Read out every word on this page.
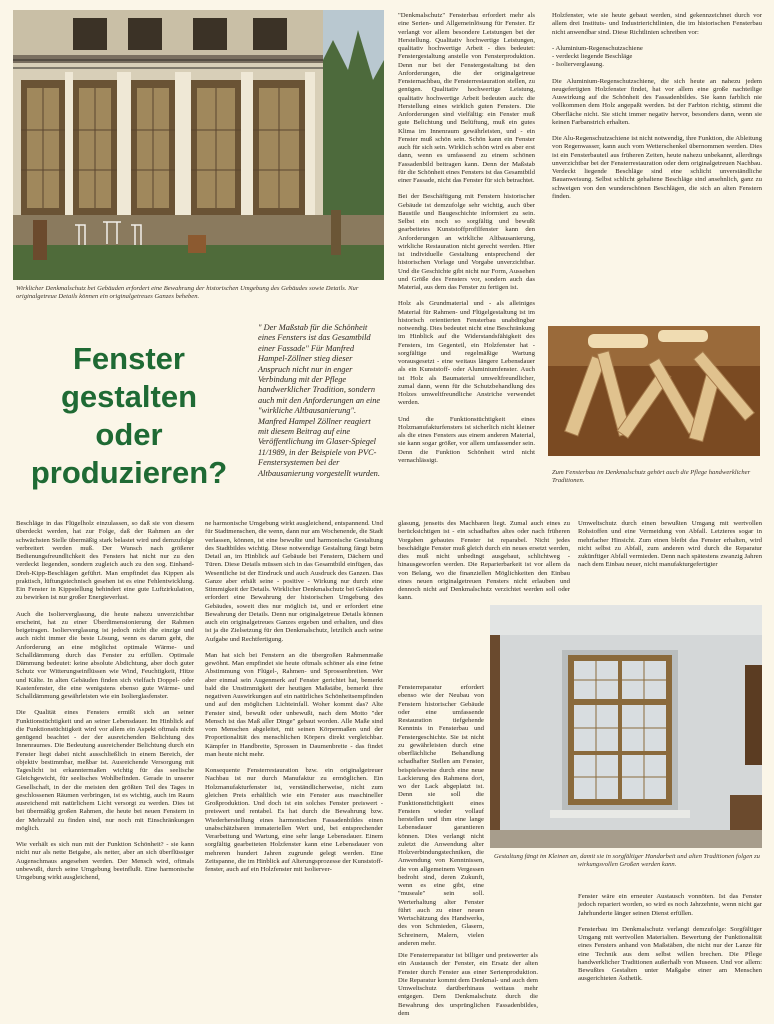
Wirklicher Denkmalschutz bei Gebäuden erfordert eine Bewahrung der historischen Umgebung des Gebäudes sowie Details. Nur originalgetreue Details können ein originalgetreues Ganzes beheben.
Fenster
gestalten
oder
produzieren?
" Der Maßstab für die Schönheit eines Fensters ist das Gesamtbild einer Fassade" Für Manfred Hampel-Zöllner stieg dieser Anspruch nicht nur in enger Verbindung mit der Pflege handwerklicher Tradition, sondern auch mit den Anforderungen an eine "wirkliche Altbausanierung". Manfred Hampel Zöllner reagiert mit diesem Beitrag auf eine Veröffentlichung im Glaser-Spiegel 11/1989, in der Beispiele von PVC-Fenstersystemen bei der Altbausanierung vorgestellt wurden.

"Denkmalschutz" Fensterbau erfordert mehr als eine Serien- und Allgemeinlösung für Fenster. Er verlangt vor allem besondere Leistungen bei der Herstellung. Qualitativ hochwertige Leistungen, qualitativ hochwertige Arbeit - dies bedeutet: Fenstergestaltung anstelle von Fensterproduktion. Denn nur bei der Fenstergestaltung ist den Anforderungen, die der originalgetreue Fensternachbau, die Fensterrestauration stellen, zu genügen. Qualitativ hochwertige Leistung, qualitativ hochwertige Arbeit bedeuten auch: die Herstellung eines wirklich guten Fensters. Die Anforderungen sind vielfältig: ein Fenster muß gute Belichtung und Belüftung, muß ein gutes Klima im Innenraum gewährleisten, und - ein Fenster muß schön sein. Schön kann ein Fenster auch für sich sein. Wirklich schön wird es aber erst dann, wenn es umfassend zu einem schönen Fassadenbild beitragen kann. Denn der Maßstab für die Schönheit eines Fensters ist das Gesamtbild einer Fassade, nicht das Fenster für sich betrachtet.

Bei der Beschäftigung mit Fenstern historischer Gebäude ist demzufolge sehr wichtig, auch über Baustile und Baugeschichte informiert zu sein. Selbst ein noch so sorgfältig und bewußt gearbeitetes Kunststoffprofilfenster kann den Anforderungen an wirkliche Altbausanierung, wirkliche Restauration nicht gerecht werden. Hier ist individuelle Gestaltung entsprechend der historischen Vorlage und Vorgabe unverzichtbar. Und die Geschichte gibt nicht nur Form, Aussehen und Größe des Fensters vor, sondern auch das Material, aus dem das Fenster zu fertigen ist.

Holz als Grundmaterial und - als alleiniges Material für Rahmen- und Flügelgestaltung ist im historisch orientierten Fensterbau unabdingbar notwendig. Dies bedeutet nicht eine Beschränkung im Hinblick auf die Widerstandsfähigkeit des Fensters, im Gegenteil, ein Holzfenster hat - sorgfältige und regelmäßige Wartung vorausgesetzt - eine weitaus längere Lebensdauer als ein Kunststoff- oder Aluminiumfenster. Auch ist Holz als Baumaterial umweltfreundlicher, zumal dann, wenn für die Schutzbehandlung des Holzes umweltfreundliche Anstriche verwendet werden.

Und die Funktionstüchtigkeit eines Holzmanufakturfensters ist sicherlich nicht kleiner als die eines Fensters aus einem anderen Material, sie kann sogar größer, vor allem umfassender sein. Denn die Funktion Schönheit wird nicht vernachlässigt.

Holzfenster, wie sie heute gebaut werden, sind gekennzeichnet durch vor allem drei Instituts- und Industrierichtlinien, die im historischen Fensterbau nicht anwendbar sind. Diese Richtlinien schreiben vor:

- Aluminium-Regenschutzschiene
- verdeckt liegende Beschläge
- Isolierverglasung.

Die Aluminium-Regenschutzschiene, die sich heute an nahezu jedem neugefertigten Holzfenster findet, hat vor allem eine große nachteilige Auswirkung auf die Schönheit des Fassadenbildes. Sie kann farblich nie vollkommen dem Holz angepaßt werden. Ist der Farbton richtig, stimmt die Oberfläche nicht. Sie sticht immer negativ hervor, besonders dann, wenn sie keinen Farbanstrich erhalten.

Die Alu-Regenschutzschiene ist nicht notwendig, ihre Funktion, die Ableitung von Regenwasser, kann auch vom Wetterschenkel übernommen werden. Dies ist ein Fensterbauteil aus früheren Zeiten, heute nahezu unbekannt, allerdings unverzichtbar bei der Fensterrestauration oder dem originalgetreuen Nachbau. Verdeckt liegende Beschläge sind eine schlicht unverständliche Bauanweisung. Selbst schlicht gehaltene Beschläge sind ansehnlich, ganz zu schweigen von den wunderschönen Beschlägen, die sich an alten Fenstern finden.

Zum Fensterbau im Denkmalschutz gehört auch die Pflege handwerklicher Traditionen.

Beschläge in das Flügelholz einzulassen, so daß sie von diesem überdeckt werden, hat zur Folge, daß der Rahmen an der schwächsten Stelle übermäßig stark belastet wird und demzufolge verbreitert werden muß. Der Wunsch nach größerer Bedienungsfreundlichkeit des Fensters hat nicht nur zu den verdeckt liegenden, sondern zugleich auch zu den sog. Einhand-Dreh-Kipp-Beschlägen geführt. Man empfindet das Kippen als praktisch, lüftungstechnisch gesehen ist es eine Fehlentwicklung. Ein Fenster in Kippstellung behindert eine gute Luftzirkulation, zu bewirken ist nur großer Energieverlust.

Auch die Isolierverglasung, die heute nahezu unverzichtbar erscheint, hat zu einer Überdimensionierung der Rahmen beigetragen. Isolierverglasung ist jedoch nicht die einzige und auch nicht immer die beste Lösung, wenn es darum geht, die Anforderung an eine möglichst optimale Wärme- und Schalldämmung durch das Fenster zu erfüllen. Optimale Dämmung bedeutet: keine absolute Abdichtung, aber doch guter Schutz vor Witterungseinflüssen wie Wind, Feuchtigkeit, Hitze und Kälte. In alten Gebäuden finden sich vielfach Doppel- oder Kastenfenster, die eine wenigstens ebenso gute Wärme- und Schalldämmung gewährleisten wie ein Isolierglasfenster.

Die Qualität eines Fensters ermißt sich an seiner Funktionstüchtigkeit und an seiner Lebensdauer. Im Hinblick auf die Funktionstüchtigkeit wird vor allem ein Aspekt oftmals nicht genügend beachtet - der der ausreichenden Belichtung des Innenraumes. Die Bedeutung ausreichender Belichtung durch ein Fenster liegt dabei nicht ausschließlich in einem Bereich, der objektiv bestimmbar, meßbar ist. Ausreichende Versorgung mit Tageslicht ist erkanntermaßen wichtig für das seelische Gleichgewicht, für seelisches Wohlbefinden. Gerade in unserer Gesellschaft, in der die meisten den größten Teil des Tages in geschlossenen Räumen verbringen, ist es wichtig, auch im Raum ausreichend mit natürlichem Licht versorgt zu werden. Dies ist bei übermäßig großen Rahmen, die heute bei neuen Fenstern in der Mehrzahl zu finden sind, nur noch mit Einschränkungen möglich.

Wie verhält es sich nun mit der Funktion Schönheit? - sie kann nicht nur als nette Beigabe, als netter, aber an sich überflüssiger Augenschmaus angesehen werden. Der Mensch wird, oftmals unbewußt, durch seine Umgebung beeinflußt. Eine harmonische Umgebung wirkt ausgleichend,

ne harmonische Umgebung wirkt ausgleichend, entspannend. Und für Stadtmenschen, die wenn, dann nur am Wochenende, die Stadt verlassen, können, ist eine bewußte und harmonische Gestaltung des Stadtbildes wichtig. Diese notwendige Gestaltung fängt beim Detail an, im Hinblick auf Gebäude bei Fenstern, Dächern und Türen. Diese Details müssen sich in das Gesamtbild einfügen, das Wesentliche ist der Eindruck und auch Ausdruck des Ganzen. Das Ganze aber erhält seine - positive - Wirkung nur durch eine Stimmigkeit der Details. Wirklicher Denkmalschutz bei Gebäuden erfordert eine Bewahrung der historischen Umgebung des Gebäudes, soweit dies nur möglich ist, und er erfordert eine Bewahrung der Details. Denn nur originalgetreue Details können auch ein originalgetreues Ganzes ergeben und erhalten, und dies ist ja die Zielsetzung für den Denkmalschutz, letztlich auch seine Aufgabe und Rechtfertigung.

Man hat sich bei Fenstern an die übergroßen Rahmenmaße gewöhnt. Man empfindet sie heute oftmals schöner als eine feine Abstimmung von Flügel-, Rahmen- und Sprossenbreiten. Wer aber einmal sein Augenmerk auf Fenster gerichtet hat, bemerkt bald die Unstimmigkeit der heutigen Maßstäbe, bemerkt ihre negativen Auswirkungen auf ein natürliches Schönheitsempfinden und auf den möglichen Lichteinfall. Woher kommt das? Alte Fenster sind, bewußt oder unbewußt, nach dem Motto "der Mensch ist das Maß aller Dinge" gebaut worden. Alle Maße sind vom Menschen abgeleitet, mit seinen Körpermaßen und der Proportionalität des menschlichen Körpers direkt vergleichbar. Kämpfer in Handbreite, Sprossen in Daumenbreite - das findet man heute nicht mehr.

Konsequente Fensterrestauration bzw. ein originalgetreuer Nachbau ist nur durch Manufaktur zu ermöglichen. Ein Holzmanufakturfenster ist, verständlicherweise, nicht zum gleichen Preis erhältlich wie ein Fenster aus maschineller Großproduktion. Und doch ist ein solches Fenster preiswert - preiswert und rentabel. Es hat durch die Bewahrung bzw. Wiederherstellung eines harmonischen Fassadenbildes einen unabschätzbaren immateriellen Wert und, bei entsprechender Verarbeitung und Wartung, eine sehr lange Lebensdauer. Einem sorgfältig gearbeiteten Holzfenster kann eine Lebensdauer von mehreren hundert Jahren zugrunde gelegt werden. Eine Zeitspanne, die im Hinblick auf Alterungsprozesse der Kunststoff-fenster, auch auf ein Holzfenster mit Isolierver-

glasung, jenseits des Machbaren liegt. Zumal auch eines zu berücksichtigen ist - ein schadhaftes altes oder nach früheren Vorgaben gebautes Fenster ist reparabel. Nicht jedes beschädigte Fenster muß gleich durch ein neues ersetzt werden, dies muß nicht unbedingt ausgebaut, schlichtweg - hinausgeworfen werden. Die Reparierbarkeit ist vor allem da von Belang, wo die finanziellen Möglichkeiten den Einbau eines neuen originalgetreuen Fensters nicht erlauben und dennoch nicht auf Denkmalschutz verzichtet werden soll oder kann.

Fensterreparatur erfordert ebenso wie der Neubau von Fenstern historischer Gebäude oder eine umfassende Restauration tiefgehende Kenntnis in Fensterbau und Fenstergeschichte. Sie ist nicht zu gewährleisten durch eine oberflächliche Behandlung schadhafter Stellen am Fenster, beispielsweise durch eine neue Lackierung des Rahmens dort, wo der Lack abgeplatzt ist. Denn sie soll die Funktionstüchtigkeit eines Fensters wieder vollauf herstellen und ihm eine lange Lebensdauer garantieren können. Dies verlangt nicht zuletzt die Anwendung alter Holzverbindungstechniken, die Anwendung von Kenntnissen, die von allgemeinem Vergessen bedroht sind, deren Zukunft, wenn es eine gibt, eine "museale" sein soll. Werterhaltung alter Fenster führt auch zu einer neuen Wertschätzung des Handwerks, des von Schmieden, Glasern, Schreinern, Malern, vielen anderen mehr.

Die Fensterreparatur ist billiger und preiswerter als ein Austausch der Fenster, ein Ersatz der alten Fenster durch Fenster aus einer Serienproduktion. Die Reparatur kommt dem Denkmal- und auch dem Umweltschutz darüberhinaus weitaus mehr entgegen. Dem Denkmalschutz durch die Bewahrung des ursprünglichen Fassadenbildes, dem

Umweltschutz durch einen bewußten Umgang mit wertvollen Rohstoffen und eine Vermeidung von Abfall. Letzteres sogar in mehrfacher Hinsicht. Zum einen bleibt das Fenster erhalten, wird nicht selbst zu Abfall, zum anderen wird durch die Reparatur zukünftiger Abfall vermieden. Denn nach spätestens zwanzig Jahren nach dem Einbau neuer, nicht manufakturgefertigter

Gestaltung fängt im Kleinen an, damit sie in sorgfältiger Handarbeit und alten Traditionen folgen zu wirkungsvollen Großen werden kann.

Fenster wäre ein erneuter Austausch vonnöten. Ist das Fenster jedoch repariert worden, so wird es noch Jahrzehnte, wenn nicht gar Jahrhunderte länger seinen Dienst erfüllen.

Fensterbau im Denkmalschutz verlangt demzufolge: Sorgfältiger Umgang mit wertvollen Materialien. Bewertung der Funktionalität eines Fensters anhand von Maßstäben, die nicht nur der Lanze für eine Technik aus dem selbst willen brechen. Die Pflege handwerklicher Traditionen außerhalb von Museen. Und vor allem: Bewußtes Gestalten unter Maßgabe einer am Menschen ausgerichteten Ästhetik.
